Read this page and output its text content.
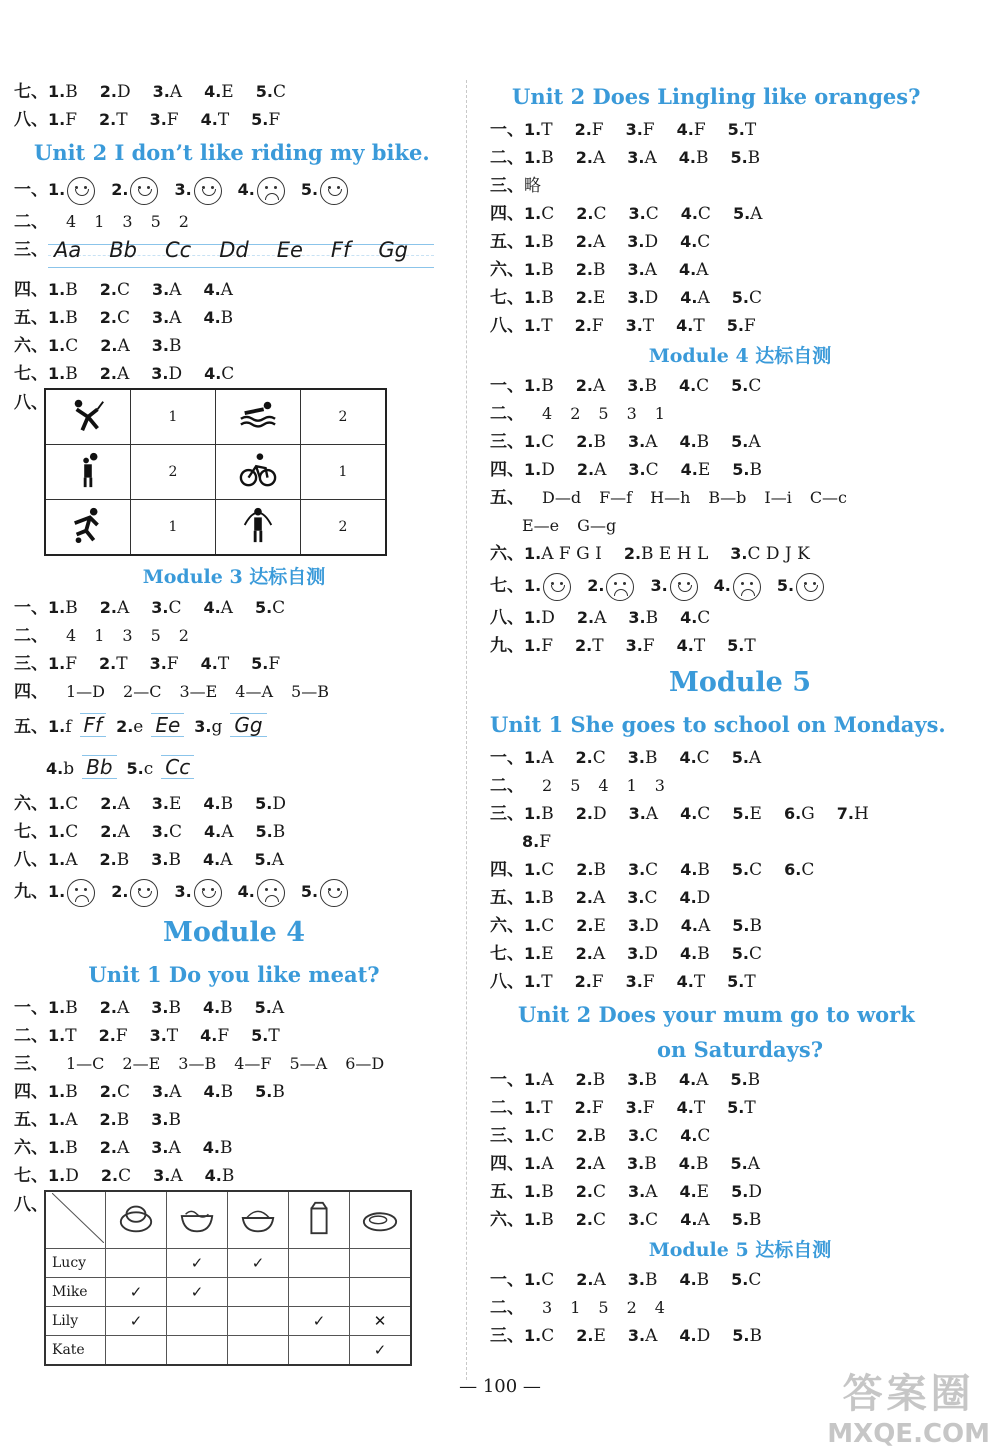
七、1.B 2.D 3.A 4.E 5.C
八、1.F 2.T 3.F 4.T 5.F
Unit 2 I don’t like riding my bike.
一、1.	2.	3.	4.	5.
二、 4 1 3 5 2
三、 Aa Bb Cc Dd Ee Ff Gg
四、1.B 2.C 3.A 4.A
五、1.B 2.C 3.A 4.B
六、1.C 2.A 3.B
七、1.B 2.A 3.D 4.C
八、
	1		2
	2		1
	1		2
Module 3 达标自测
一、1.B 2.A 3.C 4.A 5.C
二、 4 1 3 5 2
三、1.F 2.T 3.F 4.T 5.F
四、 1—D 2—C 3—E 4—A 5—B
五、1.f Ff 2.e Ee 3.g Gg
4.b Bb 5.c Cc
六、1.C 2.A 3.E 4.B 5.D
七、1.C 2.A 3.C 4.A 5.B
八、1.A 2.B 3.B 4.A 5.A
九、1.	2.	3.	4.	5.
Module 4
Unit 1 Do you like meat?
一、1.B 2.A 3.B 4.B 5.A
二、1.T 2.F 3.T 4.F 5.T
三、 1—C 2—E 3—B 4—F 5—A 6—D
四、1.B 2.C 3.A 4.B 5.B
五、1.A 2.B 3.B
六、1.B 2.A 3.A 4.B
七、1.D 2.C 3.A 4.B
八、

Lucy		✓	✓		
Mike	✓	✓			
Lily	✓			✓	✕
Kate					✓
Unit 2 Does Lingling like oranges?
一、1.T 2.F 3.F 4.F 5.T
二、1.B 2.A 3.A 4.B 5.B
三、略
四、1.C 2.C 3.C 4.C 5.A
五、1.B 2.A 3.D 4.C
六、1.B 2.B 3.A 4.A
七、1.B 2.E 3.D 4.A 5.C
八、1.T 2.F 3.T 4.T 5.F
Module 4 达标自测
一、1.B 2.A 3.B 4.C 5.C
二、 4 2 5 3 1
三、1.C 2.B 3.A 4.B 5.A
四、1.D 2.A 3.C 4.E 5.B
五、 D—d F—f H—h B—b I—i C—c
E—e G—g
六、1.A F G I 2.B E H L 3.C D J K
七、1.	2.	3.	4.	5.
八、1.D 2.A 3.B 4.C
九、1.F 2.T 3.F 4.T 5.T
Module 5
Unit 1 She goes to school on Mondays.
一、1.A 2.C 3.B 4.C 5.A
二、 2 5 4 1 3
三、1.B 2.D 3.A 4.C 5.E 6.G 7.H
8.F
四、1.C 2.B 3.C 4.B 5.C 6.C
五、1.B 2.A 3.C 4.D
六、1.C 2.E 3.D 4.A 5.B
七、1.E 2.A 3.D 4.B 5.C
八、1.T 2.F 3.F 4.T 5.T
Unit 2 Does your mum go to work
on Saturdays?
一、1.A 2.B 3.B 4.A 5.B
二、1.T 2.F 3.F 4.T 5.T
三、1.C 2.B 3.C 4.C
四、1.A 2.A 3.B 4.B 5.A
五、1.B 2.C 3.A 4.E 5.D
六、1.B 2.C 3.C 4.A 5.B
Module 5 达标自测
一、1.C 2.A 3.B 4.B 5.C
二、 3 1 5 2 4
三、1.C 2.E 3.A 4.D 5.B
— 100 —	答案圈
MXQE.COM
